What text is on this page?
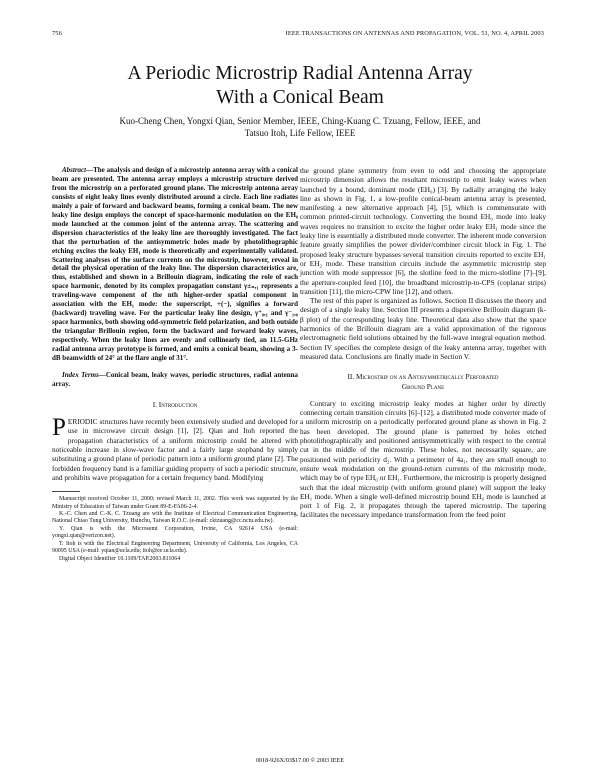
756	IEEE TRANSACTIONS ON ANTENNAS AND PROPAGATION, VOL. 51, NO. 4, APRIL 2003
A Periodic Microstrip Radial Antenna Array
With a Conical Beam
Kuo-Cheng Chen, Yongxi Qian, Senior Member, IEEE, Ching-Kuang C. Tzuang, Fellow, IEEE, and
Tatsuo Itoh, Life Fellow, IEEE

Abstract—The analysis and design of a microstrip antenna array with a conical beam are presented. The antenna array employs a microstrip structure derived from the microstrip on a perforated ground plane. The microstrip antenna array consists of eight leaky lines evenly distributed around a circle. Each line radiates mainly a pair of forward and backward beams, forming a conical beam. The new leaky line design employs the concept of space-harmonic modulation on the EH₀ mode launched at the common joint of the antenna array. The scattering and dispersion characteristics of the leaky line are thoroughly investigated. The fact that the perturbation of the antisymmetric holes made by photolithographic etching excites the leaky EH₁ mode is theoretically and experimentally validated. Scattering analyses of the surface currents on the microstrip, however, reveal in detail the physical operation of the leaky line. The dispersion characteristics are, thus, established and shown in a Brillouin diagram, indicating the role of each space harmonic, denoted by its complex propagation constant γ±ₙ,₁ represents a traveling-wave component of the nth higher-order spatial component in association with the EH₁ mode: the superscript, +(−), signifies a forward (backward) traveling wave. For the particular leaky line design, γ⁺₀,₁ and γ⁻₁,₀ space harmonics, both showing odd-symmetric field polarization, and both outside the triangular Brillouin region, form the backward and forward leaky waves, respectively. When the leaky lines are evenly and collinearly tied, an 11.5-GHz radial antenna array prototype is formed, and emits a conical beam, showing a 3-dB beamwidth of 24° at the flare angle of 31°.

Index Terms—Conical beam, leaky waves, periodic structures, radial antenna array.

I. Introduction

PERIODIC structures have recently been extensively studied and developed for use in microwave circuit design [1], [2]. Qian and Itoh reported the propagation characteristics of a uniform microstrip could be altered with noticeable increase in slow-wave factor and a fairly large stopband by simply substituting a ground plane of periodic pattern into a uniform ground plane [2]. The forbidden frequency band is a familiar guiding property of such a periodic structure, and prohibits wave propagation for a certain frequency band. Modifying

Manuscript received October 11, 2000; revised March 11, 2002. This work was supported by the Ministry of Education of Taiwan under Grant 89-E-FA06-2-4.

K.-C. Chen and C.-K. C. Tzuang are with the Institute of Electrical Communication Engineering, National Chiao Tung University, Hsinchu, Taiwan R.O.C. (e-mail: cktzuang@cc.nctu.edu.tw).

Y. Qian is with the Microsemi Corporation, Irvine, CA 92614 USA (e-mail: yongxi.qian@verizon.net).

T. Itoh is with the Electrical Engineering Department, University of California, Los Angeles, CA 90095 USA (e-mail: yqian@ucla.edu; itoh@ee.ucla.edu).

Digital Object Identifier 10.1109/TAP.2003.811064

the ground plane symmetry from even to odd and choosing the appropriate microstrip dimension allows the resultant microstrip to emit leaky waves when launched by a bound, dominant mode (EH₀) [3]. By radially arranging the leaky line as shown in Fig. 1, a low-profile conical-beam antenna array is presented, manifesting a new alternative approach [4], [5], which is commensurate with common printed-circuit technology. Converting the bound EH₀ mode into leaky waves requires no transition to excite the higher order leaky EH₁ mode since the leaky line is essentially a distributed mode converter. The inherent mode conversion feature greatly simplifies the power divider/combiner circuit block in Fig. 1. The proposed leaky structure bypasses several transition circuits reported to excite EH₁ or EH₂ mode. These transition circuits include the asymmetric microstrip step junction with mode suppressor [6], the slotline feed to the micro-slotline [7]–[9], the aperture-coupled feed [10], the broadband microstrip-to-CPS (coplanar strips) transition [11], the micro-CPW line [12], and others.

The rest of this paper is organized as follows. Section II discusses the theory and design of a single leaky line. Section III presents a dispersive Brillouin diagram (k-β plot) of the corresponding leaky line. Theoretical data also show that the space harmonics of the Brillouin diagram are a valid approximation of the rigorous electromagnetic field solutions obtained by the full-wave integral equation method. Section IV specifies the complete design of the leaky antenna array, together with measured data. Conclusions are finally made in Section V.

II. Microstrip on an Antisymmetrically Perforated
Ground Plane

Contrary to exciting microstrip leaky modes at higher order by directly connecting certain transition circuits [6]–[12], a distributed mode converter made of a uniform microstrip on a periodically perforated ground plane as shown in Fig. 2 has been developed. The ground plane is patterned by holes etched photolithographically and positioned antisymmetrically with respect to the central cut in the middle of the microstrip. These holes, not necessarily square, are positioned with periodicity d₂. With a perimeter of 4a₁, they are small enough to ensure weak modulation on the ground-return currents of the microstrip mode, which may be of type EH₀ or EH₁. Furthermore, the microstrip is properly designed such that the ideal microstrip (with uniform ground plane) will support the leaky EH₁ mode. When a single well-defined microstrip bound EH₀ mode is launched at port 1 of Fig. 2, it propagates through the tapered microstrip. The tapering facilitates the necessary impedance transformation from the feed point

0018-926X/03$17.00 © 2003 IEEE
